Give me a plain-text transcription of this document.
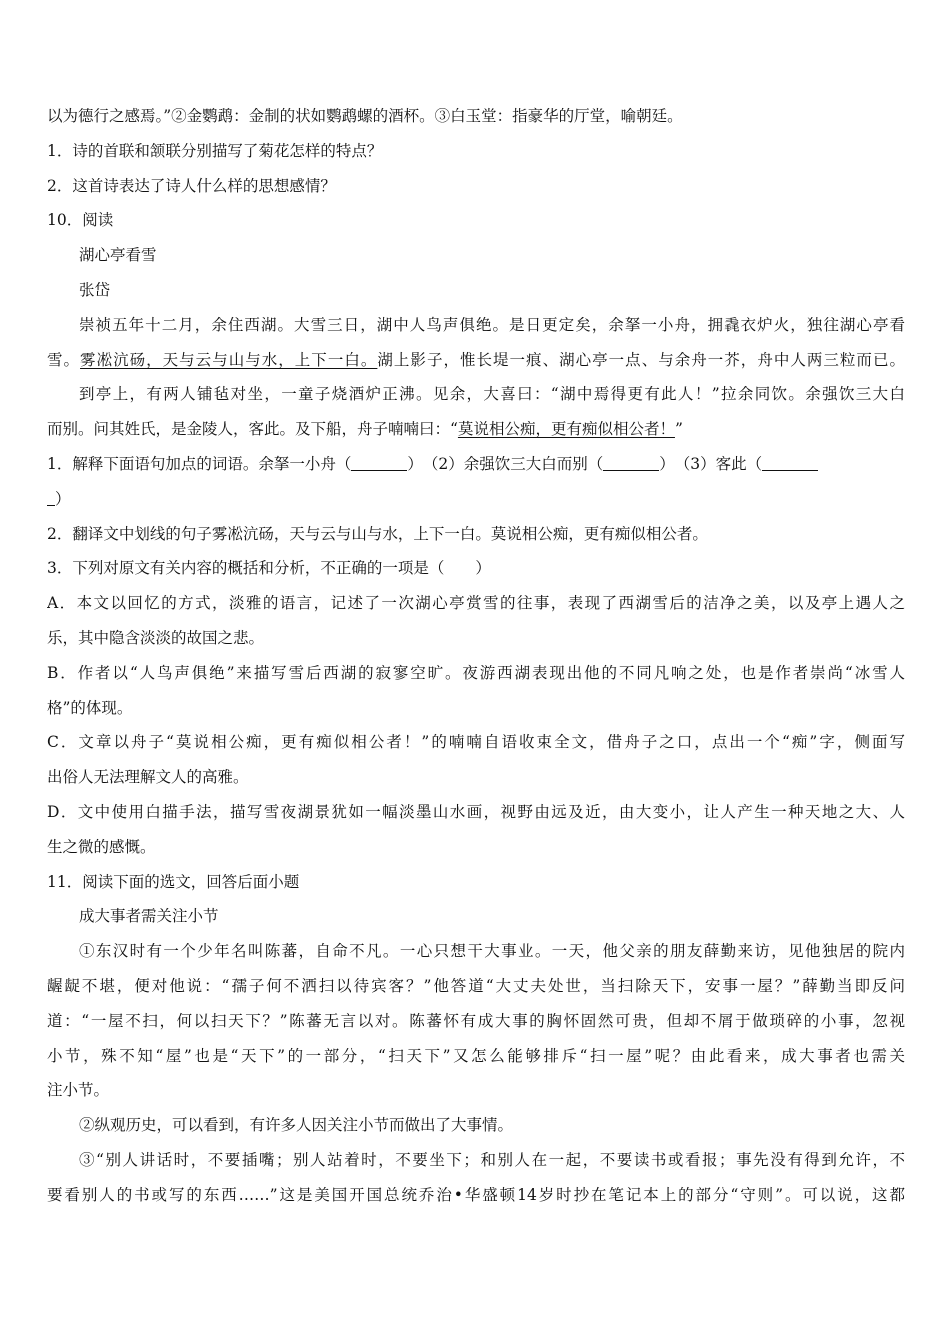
以为德行之感焉。”②金鹦鹉：金制的状如鹦鹉螺的酒杯。③白玉堂：指豪华的厅堂，喻朝廷。
1．诗的首联和颔联分别描写了菊花怎样的特点？
2．这首诗表达了诗人什么样的思想感情？
10．阅读
湖心亭看雪
张岱
崇祯五年十二月，余住西湖。大雪三日，湖中人鸟声俱绝。是日更定矣，余拏一小舟，拥毳衣炉火，独往湖心亭看
雪。雾凇沆砀，天与云与山与水，上下一白。湖上影子，惟长堤一痕、湖心亭一点、与余舟一芥，舟中人两三粒而已。
到亭上，有两人铺毡对坐，一童子烧酒炉正沸。见余，大喜曰：“湖中焉得更有此人！”拉余同饮。余强饮三大白
而别。问其姓氏，是金陵人，客此。及下船，舟子喃喃曰：“莫说相公痴，更有痴似相公者！”
1．解释下面语句加点的词语。余拏一小舟（	）　（2）余强饮三大白而别（	）　（3）客此（
）
2．翻译文中划线的句子雾凇沆砀，天与云与山与水，上下一白。莫说相公痴，更有痴似相公者。
3．下列对原文有关内容的概括和分析，不正确的一项是（　　）
A．本文以回忆的方式，淡雅的语言，记述了一次湖心亭赏雪的往事，表现了西湖雪后的洁净之美，以及亭上遇人之
乐，其中隐含淡淡的故国之悲。
B．作者以“人鸟声俱绝”来描写雪后西湖的寂寥空旷。夜游西湖表现出他的不同凡响之处，也是作者崇尚“冰雪人
格”的体现。
C．文章以舟子“莫说相公痴，更有痴似相公者！”的喃喃自语收束全文，借舟子之口，点出一个“痴”字，侧面写
出俗人无法理解文人的高雅。
D．文中使用白描手法，描写雪夜湖景犹如一幅淡墨山水画，视野由远及近，由大变小，让人产生一种天地之大、人
生之微的感慨。
11．阅读下面的选文，回答后面小题
成大事者需关注小节
①东汉时有一个少年名叫陈蕃，自命不凡。一心只想干大事业。一天，他父亲的朋友薛勤来访，见他独居的院内
龌龊不堪，便对他说：“孺子何不洒扫以待宾客？”他答道“大丈夫处世，当扫除天下，安事一屋？”薛勤当即反问
道：“一屋不扫，何以扫天下？”陈蕃无言以对。陈蕃怀有成大事的胸怀固然可贵，但却不屑于做琐碎的小事，忽视
小节，殊不知“屋”也是“天下”的一部分，“扫天下”又怎么能够排斥“扫一屋”呢？由此看来，成大事者也需关
注小节。
②纵观历史，可以看到，有许多人因关注小节而做出了大事情。
③“别人讲话时，不要插嘴；别人站着时，不要坐下；和别人在一起，不要读书或看报；事先没有得到允许，不
要看别人的书或写的东西……”这是美国开国总统乔治•华盛顿14岁时抄在笔记本上的部分“守则”。可以说，这都
